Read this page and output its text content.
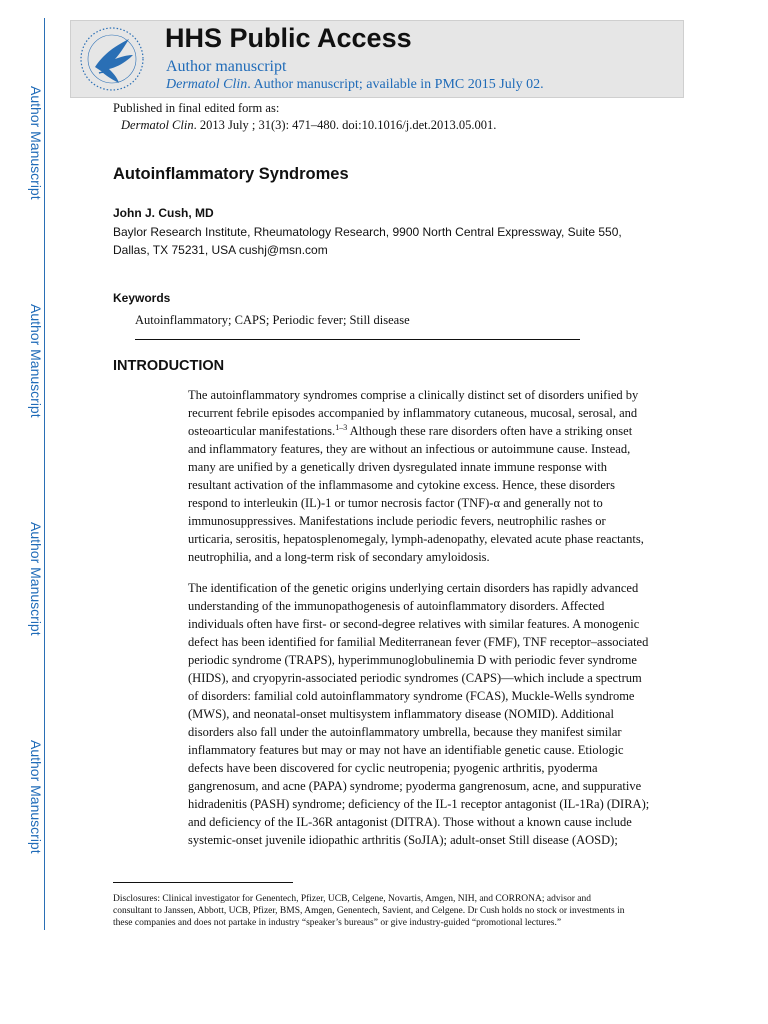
Author Manuscript
Author Manuscript
Author Manuscript
Author Manuscript
HHS Public Access
Author manuscript
Dermatol Clin. Author manuscript; available in PMC 2015 July 02.
Published in final edited form as:
Dermatol Clin. 2013 July ; 31(3): 471–480. doi:10.1016/j.det.2013.05.001.
Autoinflammatory Syndromes
John J. Cush, MD
Baylor Research Institute, Rheumatology Research, 9900 North Central Expressway, Suite 550,
Dallas, TX 75231, USA cushj@msn.com
Keywords
Autoinflammatory; CAPS; Periodic fever; Still disease
INTRODUCTION
The autoinflammatory syndromes comprise a clinically distinct set of disorders unified by
recurrent febrile episodes accompanied by inflammatory cutaneous, mucosal, serosal, and
osteoarticular manifestations.$^{1-3}$ Although these rare disorders often have a striking onset
and inflammatory features, they are without an infectious or autoimmune cause. Instead,
many are unified by a genetically driven dysregulated innate immune response with
resultant activation of the inflammasome and cytokine excess. Hence, these disorders
respond to interleukin (IL)-1 or tumor necrosis factor (TNF)-α and generally not to
immunosuppressives. Manifestations include periodic fevers, neutrophilic rashes or
urticaria, serositis, hepatosplenomegaly, lymph-adenopathy, elevated acute phase reactants,
neutrophilia, and a long-term risk of secondary amyloidosis.
The identification of the genetic origins underlying certain disorders has rapidly advanced
understanding of the immunopathogenesis of autoinflammatory disorders. Affected
individuals often have first- or second-degree relatives with similar features. A monogenic
defect has been identified for familial Mediterranean fever (FMF), TNF receptor–associated
periodic syndrome (TRAPS), hyperimmunoglobulinemia D with periodic fever syndrome
(HIDS), and cryopyrin-associated periodic syndromes (CAPS)—which include a spectrum
of disorders: familial cold autoinflammatory syndrome (FCAS), Muckle-Wells syndrome
(MWS), and neonatal-onset multisystem inflammatory disease (NOMID). Additional
disorders also fall under the autoinflammatory umbrella, because they manifest similar
inflammatory features but may or may not have an identifiable genetic cause. Etiologic
defects have been discovered for cyclic neutropenia; pyogenic arthritis, pyoderma
gangrenosum, and acne (PAPA) syndrome; pyoderma gangrenosum, acne, and suppurative
hidradenitis (PASH) syndrome; deficiency of the IL-1 receptor antagonist (IL-1Ra) (DIRA);
and deficiency of the IL-36R antagonist (DITRA). Those without a known cause include
systemic-onset juvenile idiopathic arthritis (SoJIA); adult-onset Still disease (AOSD);
Disclosures: Clinical investigator for Genentech, Pfizer, UCB, Celgene, Novartis, Amgen, NIH, and CORRONA; advisor and
consultant to Janssen, Abbott, UCB, Pfizer, BMS, Amgen, Genentech, Savient, and Celgene. Dr Cush holds no stock or investments in
these companies and does not partake in industry “speaker’s bureaus” or give industry-guided “promotional lectures.”
